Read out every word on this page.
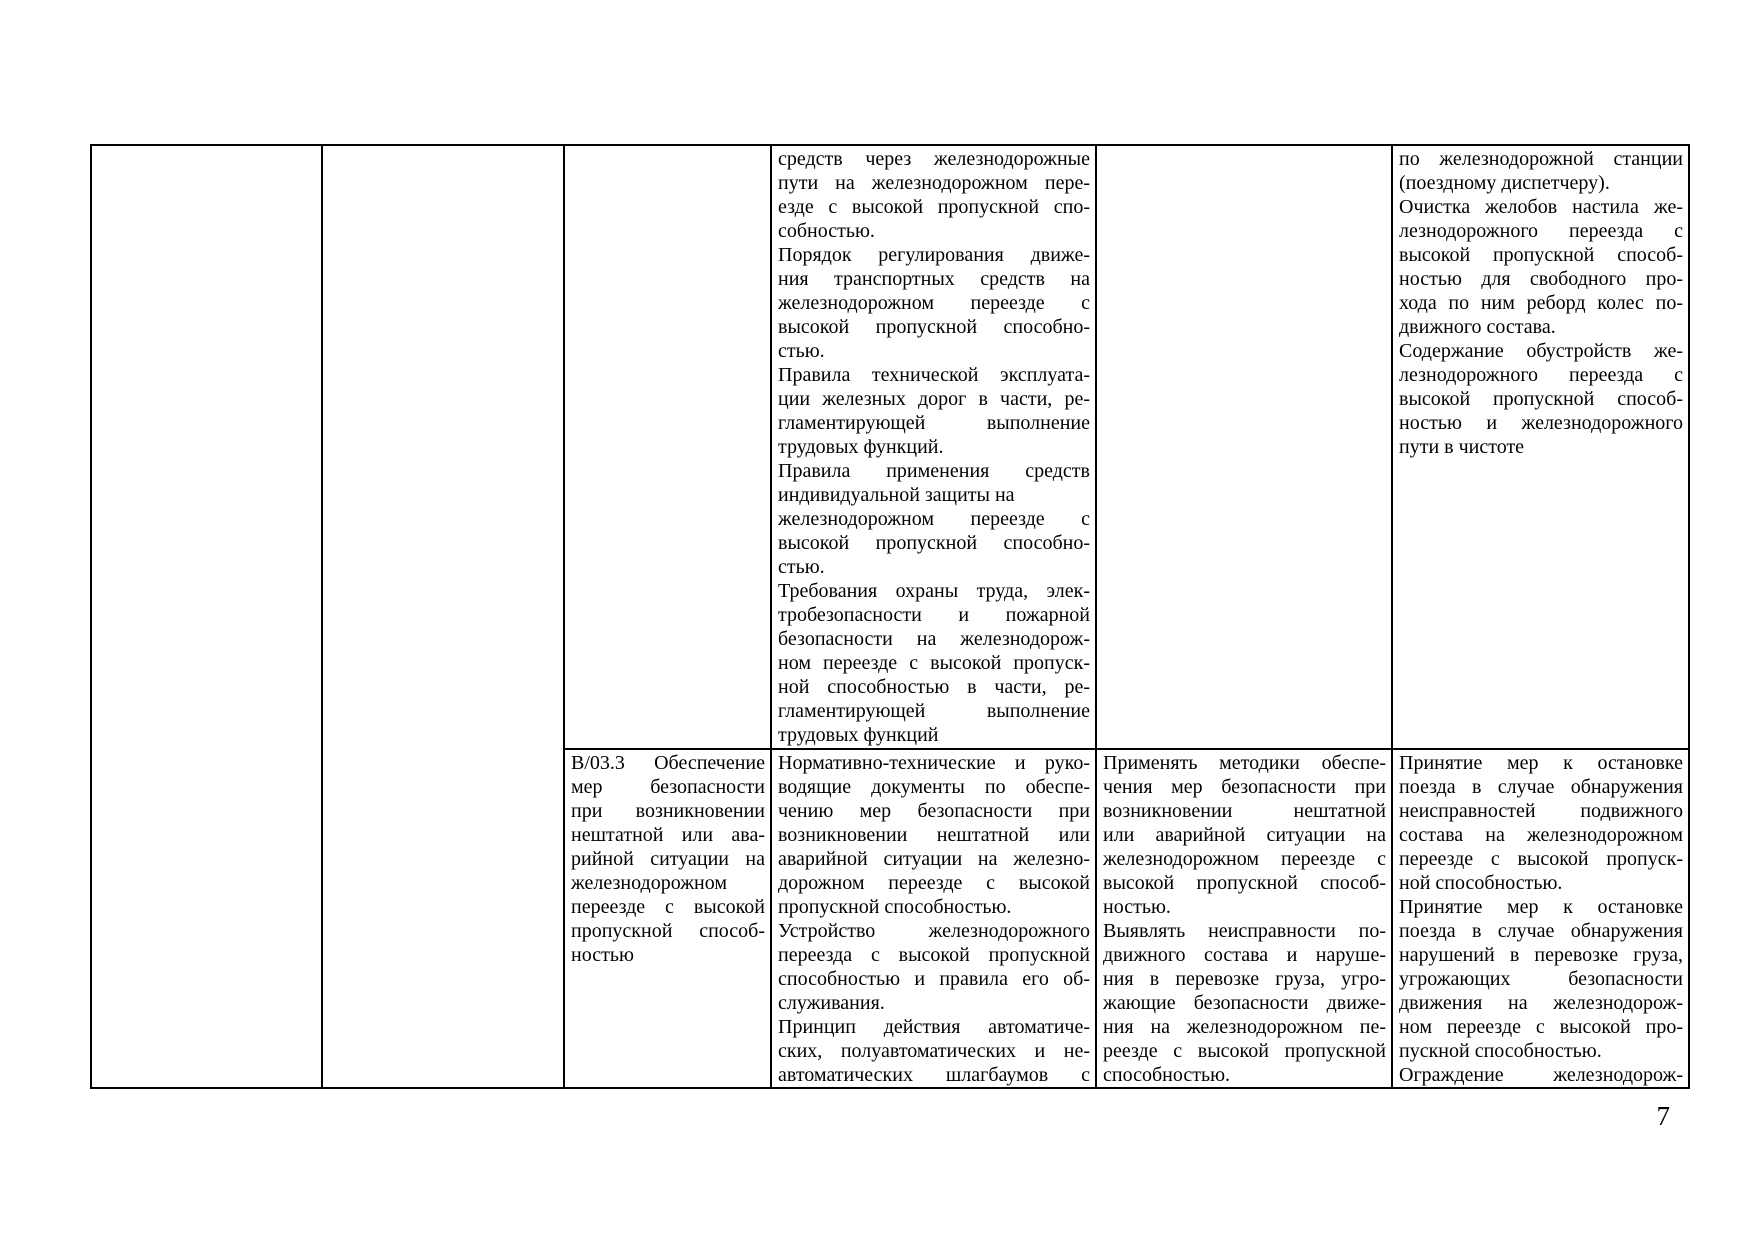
средств через железнодорожные
пути на железнодорожном пере-
езде с высокой пропускной спо-
собностью.
Порядок регулирования движе-
ния транспортных средств на
железнодорожном переезде с
высокой пропускной способно-
стью.
Правила технической эксплуата-
ции железных дорог в части, ре-
гламентирующей выполнение
трудовых функций.
Правила применения средств
индивидуальной защиты на
железнодорожном переезде с
высокой пропускной способно-
стью.
Требования охраны труда, элек-
тробезопасности и пожарной
безопасности на железнодорож-
ном переезде с высокой пропуск-
ной способностью в части, ре-
гламентирующей выполнение
трудовых функций
по железнодорожной станции
(поездному диспетчеру).
Очистка желобов настила же-
лезнодорожного переезда с
высокой пропускной способ-
ностью для свободного про-
хода по ним реборд колес по-
движного состава.
Содержание обустройств же-
лезнодорожного переезда с
высокой пропускной способ-
ностью и железнодорожного
пути в чистоте
В/03.3 Обеспечение
мер безопасности
при возникновении
нештатной или ава-
рийной ситуации на
железнодорожном
переезде с высокой
пропускной способ-
ностью
Нормативно-технические и руко-
водящие документы по обеспе-
чению мер безопасности при
возникновении нештатной или
аварийной ситуации на железно-
дорожном переезде с высокой
пропускной способностью.
Устройство железнодорожного
переезда с высокой пропускной
способностью и правила его об-
служивания.
Принцип действия автоматиче-
ских, полуавтоматических и не-
автоматических шлагбаумов с
Применять методики обеспе-
чения мер безопасности при
возникновении нештатной
или аварийной ситуации на
железнодорожном переезде с
высокой пропускной способ-
ностью.
Выявлять неисправности по-
движного состава и наруше-
ния в перевозке груза, угро-
жающие безопасности движе-
ния на железнодорожном пе-
реезде с высокой пропускной
способностью.
Принятие мер к остановке
поезда в случае обнаружения
неисправностей подвижного
состава на железнодорожном
переезде с высокой пропуск-
ной способностью.
Принятие мер к остановке
поезда в случае обнаружения
нарушений в перевозке груза,
угрожающих безопасности
движения на железнодорож-
ном переезде с высокой про-
пускной способностью.
Ограждение железнодорож-
7
